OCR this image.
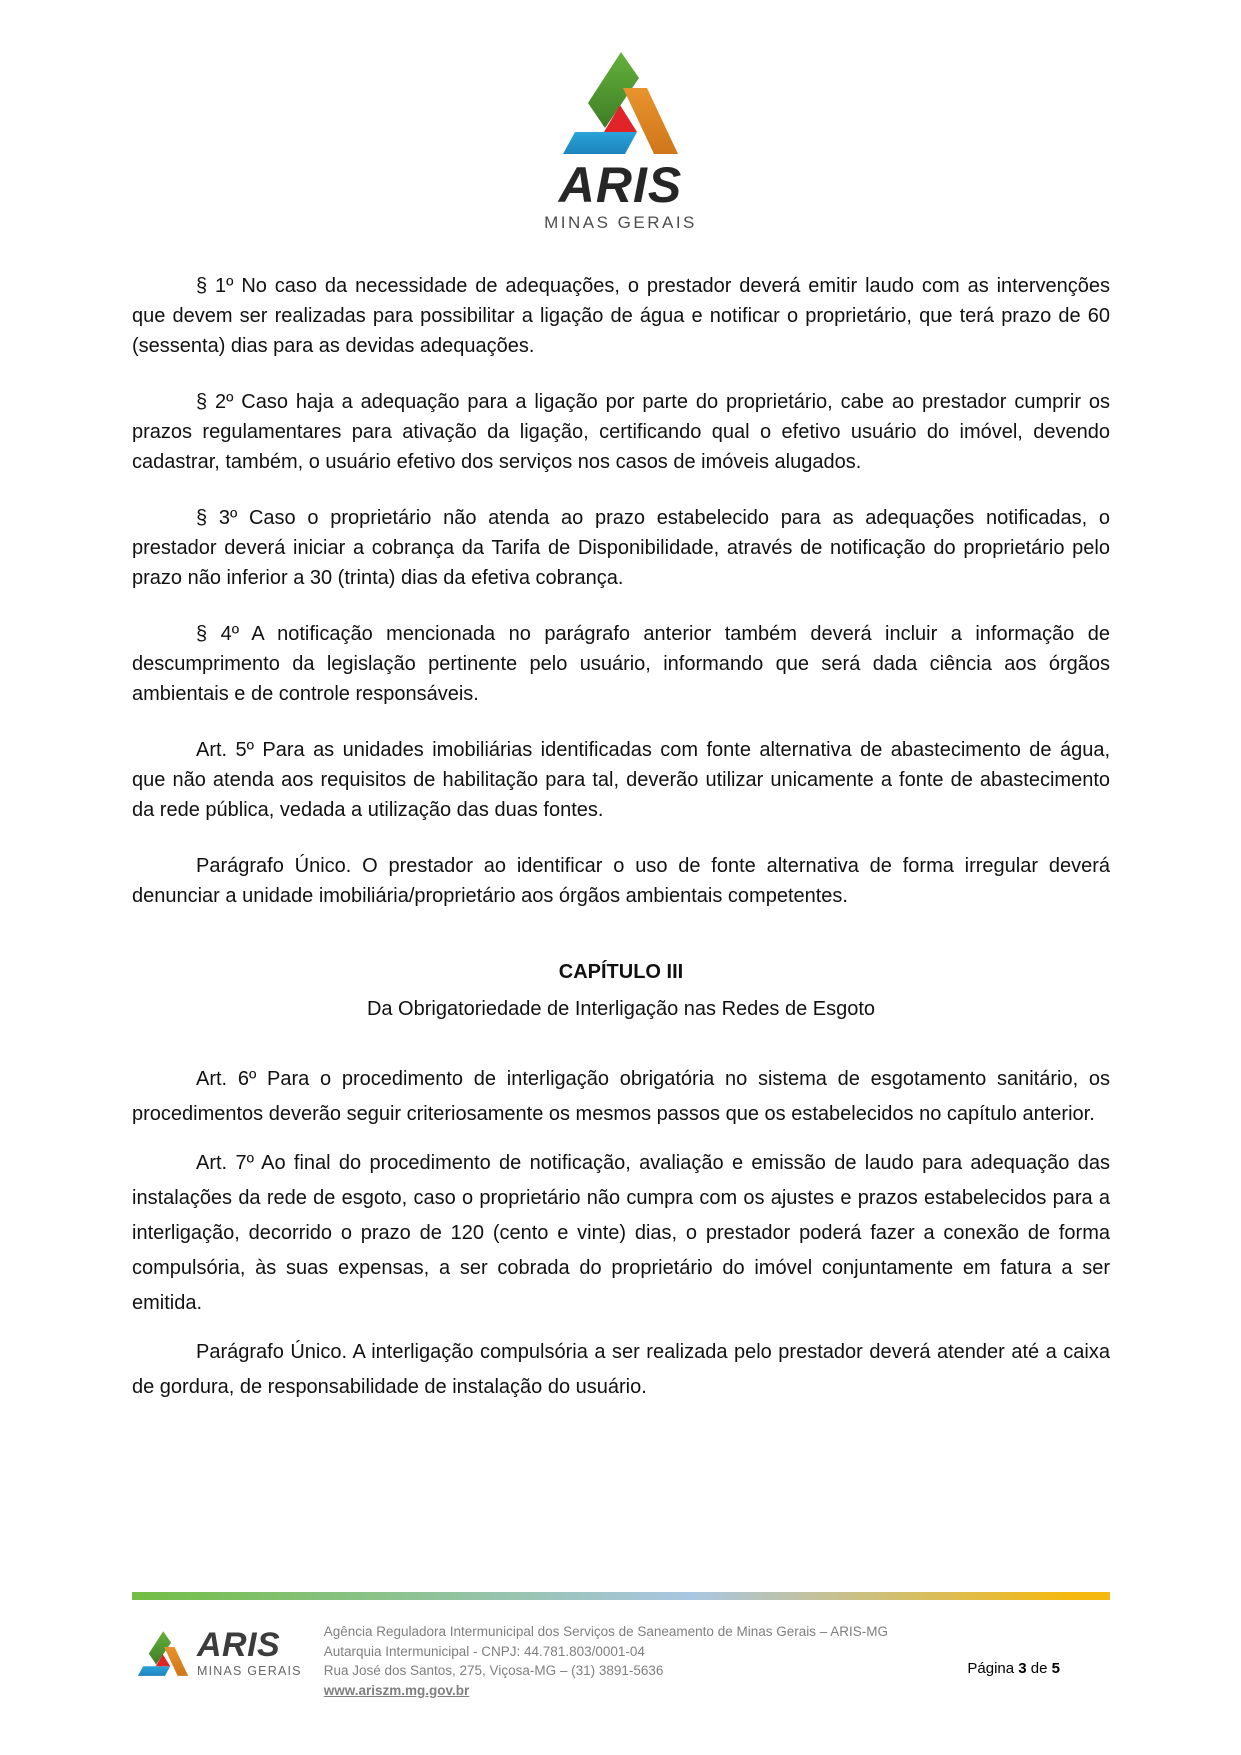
ARIS
MINAS GERAIS

§ 1º No caso da necessidade de adequações, o prestador deverá emitir laudo com as intervenções que devem ser realizadas para possibilitar a ligação de água e notificar o proprietário, que terá prazo de 60 (sessenta) dias para as devidas adequações.

§ 2º Caso haja a adequação para a ligação por parte do proprietário, cabe ao prestador cumprir os prazos regulamentares para ativação da ligação, certificando qual o efetivo usuário do imóvel, devendo cadastrar, também, o usuário efetivo dos serviços nos casos de imóveis alugados.

§ 3º Caso o proprietário não atenda ao prazo estabelecido para as adequações notificadas, o prestador deverá iniciar a cobrança da Tarifa de Disponibilidade, através de notificação do proprietário pelo prazo não inferior a 30 (trinta) dias da efetiva cobrança.

§ 4º A notificação mencionada no parágrafo anterior também deverá incluir a informação de descumprimento da legislação pertinente pelo usuário, informando que será dada ciência aos órgãos ambientais e de controle responsáveis.

Art. 5º Para as unidades imobiliárias identificadas com fonte alternativa de abastecimento de água, que não atenda aos requisitos de habilitação para tal, deverão utilizar unicamente a fonte de abastecimento da rede pública, vedada a utilização das duas fontes.

Parágrafo Único. O prestador ao identificar o uso de fonte alternativa de forma irregular deverá denunciar a unidade imobiliária/proprietário aos órgãos ambientais competentes.

CAPÍTULO III
Da Obrigatoriedade de Interligação nas Redes de Esgoto

Art. 6º Para o procedimento de interligação obrigatória no sistema de esgotamento sanitário, os procedimentos deverão seguir criteriosamente os mesmos passos que os estabelecidos no capítulo anterior.

Art. 7º Ao final do procedimento de notificação, avaliação e emissão de laudo para adequação das instalações da rede de esgoto, caso o proprietário não cumpra com os ajustes e prazos estabelecidos para a interligação, decorrido o prazo de 120 (cento e vinte) dias, o prestador poderá fazer a conexão de forma compulsória, às suas expensas, a ser cobrada do proprietário do imóvel conjuntamente em fatura a ser emitida.

Parágrafo Único. A interligação compulsória a ser realizada pelo prestador deverá atender até a caixa de gordura, de responsabilidade de instalação do usuário.

ARIS
MINAS GERAIS
Agência Reguladora Intermunicipal dos Serviços de Saneamento de Minas Gerais – ARIS-MG
Autarquia Intermunicipal - CNPJ: 44.781.803/0001-04
Rua José dos Santos, 275, Viçosa-MG – (31) 3891-5636
www.ariszm.mg.gov.br
Página 3 de 5
